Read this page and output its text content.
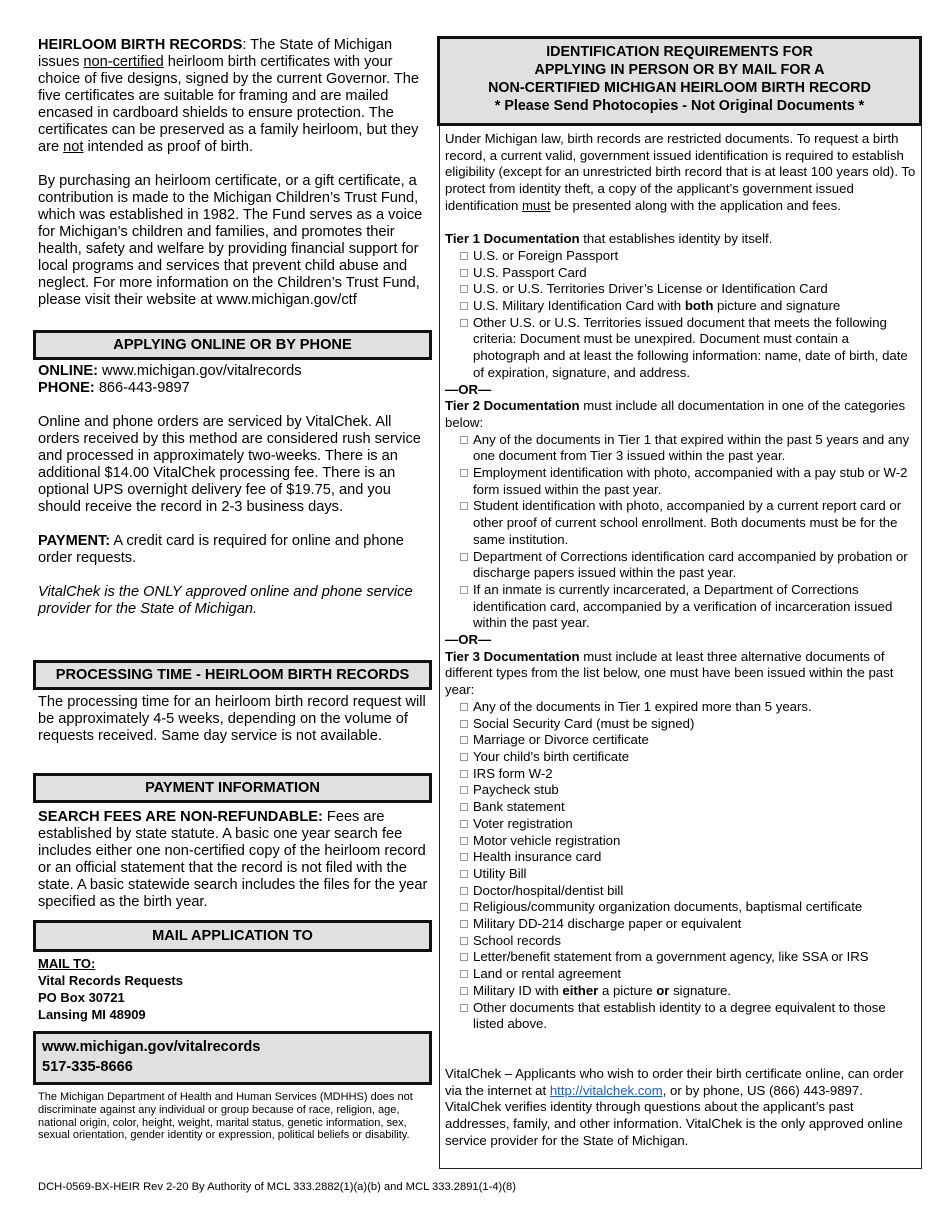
HEIRLOOM BIRTH RECORDS: The State of Michigan issues non-certified heirloom birth certificates with your choice of five designs, signed by the current Governor. The five certificates are suitable for framing and are mailed encased in cardboard shields to ensure protection. The certificates can be preserved as a family heirloom, but they are not intended as proof of birth.

By purchasing an heirloom certificate, or a gift certificate, a contribution is made to the Michigan Children’s Trust Fund, which was established in 1982. The Fund serves as a voice for Michigan’s children and families, and promotes their health, safety and welfare by providing financial support for local programs and services that prevent child abuse and neglect. For more information on the Children’s Trust Fund, please visit their website at www.michigan.gov/ctf

APPLYING ONLINE OR BY PHONE
ONLINE: www.michigan.gov/vitalrecords
PHONE: 866-443-9897
Online and phone orders are serviced by VitalChek. All orders received by this method are considered rush service and processed in approximately two-weeks. There is an additional $14.00 VitalChek processing fee. There is an optional UPS overnight delivery fee of $19.75, and you should receive the record in 2-3 business days.
PAYMENT: A credit card is required for online and phone order requests.
VitalChek is the ONLY approved online and phone service provider for the State of Michigan.
PROCESSING TIME - HEIRLOOM BIRTH RECORDS
The processing time for an heirloom birth record request will be approximately 4-5 weeks, depending on the volume of requests received. Same day service is not available.
PAYMENT INFORMATION
SEARCH FEES ARE NON-REFUNDABLE: Fees are established by state statute. A basic one year search fee includes either one non-certified copy of the heirloom record or an official statement that the record is not filed with the state. A basic statewide search includes the files for the year specified as the birth year.
MAIL APPLICATION TO
MAIL TO:
Vital Records Requests
PO Box 30721
Lansing MI 48909
www.michigan.gov/vitalrecords
517-335-8666
The Michigan Department of Health and Human Services (MDHHS) does not discriminate against any individual or group because of race, religion, age, national origin, color, height, weight, marital status, genetic information, sex, sexual orientation, gender identity or expression, political beliefs or disability.
IDENTIFICATION REQUIREMENTS FOR
APPLYING IN PERSON OR BY MAIL FOR A
NON-CERTIFIED MICHIGAN HEIRLOOM BIRTH RECORD
* Please Send Photocopies - Not Original Documents *

Under Michigan law, birth records are restricted documents. To request a birth record, a current valid, government issued identification is required to establish eligibility (except for an unrestricted birth record that is at least 100 years old). To protect from identity theft, a copy of the applicant’s government issued identification must be presented along with the application and fees.

Tier 1 Documentation that establishes identity by itself.

U.S. or Foreign Passport
U.S. Passport Card
U.S. or U.S. Territories Driver’s License or Identification Card
U.S. Military Identification Card with both picture and signature
Other U.S. or U.S. Territories issued document that meets the following criteria: Document must be unexpired. Document must contain a photograph and at least the following information: name, date of birth, date of expiration, signature, and address.

—OR—

Tier 2 Documentation must include all documentation in one of the categories below:

Any of the documents in Tier 1 that expired within the past 5 years and any one document from Tier 3 issued within the past year.
Employment identification with photo, accompanied with a pay stub or W-2 form issued within the past year.
Student identification with photo, accompanied by a current report card or other proof of current school enrollment. Both documents must be for the same institution.
Department of Corrections identification card accompanied by probation or discharge papers issued within the past year.
If an inmate is currently incarcerated, a Department of Corrections identification card, accompanied by a verification of incarceration issued within the past year.

—OR—

Tier 3 Documentation must include at least three alternative documents of different types from the list below, one must have been issued within the past year:

Any of the documents in Tier 1 expired more than 5 years.
Social Security Card (must be signed)
Marriage or Divorce certificate
Your child’s birth certificate
IRS form W-2
Paycheck stub
Bank statement
Voter registration
Motor vehicle registration
Health insurance card
Utility Bill
Doctor/hospital/dentist bill
Religious/community organization documents, baptismal certificate
Military DD-214 discharge paper or equivalent
School records
Letter/benefit statement from a government agency, like SSA or IRS
Land or rental agreement
Military ID with either a picture or signature.
Other documents that establish identity to a degree equivalent to those listed above.

VitalChek – Applicants who wish to order their birth certificate online, can order via the internet at http://vitalchek.com, or by phone, US (866) 443-9897. VitalChek verifies identity through questions about the applicant’s past addresses, family, and other information. VitalChek is the only approved online service provider for the State of Michigan.

DCH-0569-BX-HEIR Rev 2-20 By Authority of MCL 333.2882(1)(a)(b) and MCL 333.2891(1-4)(8)
